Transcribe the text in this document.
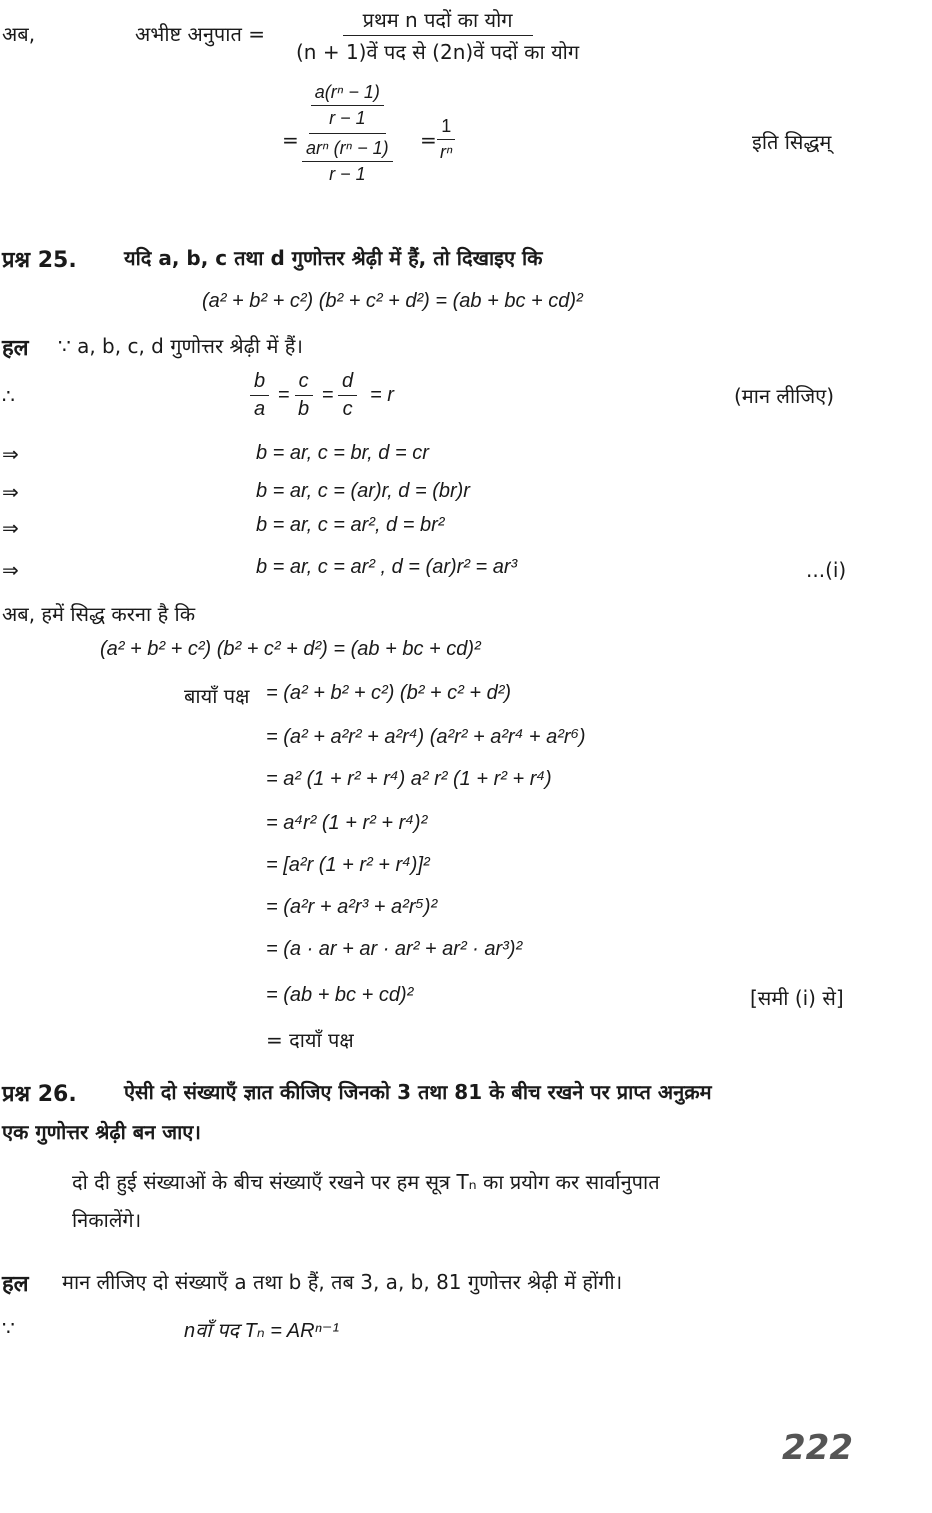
अब,	अभीष्ट अनुपात =
प्रथम n पदों का योग
(n + 1)वें पद से (2n)वें पदों का योग
=
a(rⁿ − 1)
r − 1
arⁿ (rⁿ − 1)
r − 1
= $\frac{1}{\text{rⁿ}}$	इति सिद्धम्
प्रश्न 25. यदि a, b, c तथा d गुणोत्तर श्रेढ़ी में हैं, तो दिखाइए कि
(a² + b² + c²) (b² + c² + d²) = (ab + bc + cd)²
हल ∵ a, b, c, d गुणोत्तर श्रेढ़ी में हैं।
∴	$\frac{b}{a} = \frac{c}{b} = \frac{d}{c} = r$	(मान लीजिए)
⇒	b = ar, c = br, d = cr
⇒	b = ar, c = (ar)r, d = (br)r
⇒	b = ar, c = ar², d = br²
⇒	b = ar, c = ar² , d = (ar)r² = ar³	...(i)
अब, हमें सिद्ध करना है कि
(a² + b² + c²) (b² + c² + d²) = (ab + bc + cd)²
बायाँ पक्ष = (a² + b² + c²) (b² + c² + d²)
= (a² + a²r² + a²r⁴) (a²r² + a²r⁴ + a²r⁶)
= a² (1 + r² + r⁴) a² r² (1 + r² + r⁴)
= a⁴r² (1 + r² + r⁴)²
= [a²r (1 + r² + r⁴)]²
= (a²r + a²r³ + a²r⁵)²
= (a · ar + ar · ar² + ar² · ar³)²
= (ab + bc + cd)²	[समी (i) से]
= दायाँ पक्ष
प्रश्न 26. ऐसी दो संख्याएँ ज्ञात कीजिए जिनको 3 तथा 81 के बीच रखने पर प्राप्त अनुक्रम
एक गुणोत्तर श्रेढ़ी बन जाए।
दो दी हुई संख्याओं के बीच संख्याएँ रखने पर हम सूत्र Tₙ का प्रयोग कर सार्वानुपात
निकालेंगे।
हल मान लीजिए दो संख्याएँ a तथा b हैं, तब 3, a, b, 81 गुणोत्तर श्रेढ़ी में होंगी।
∵	nवाँ पद Tₙ = ARⁿ⁻¹
222
